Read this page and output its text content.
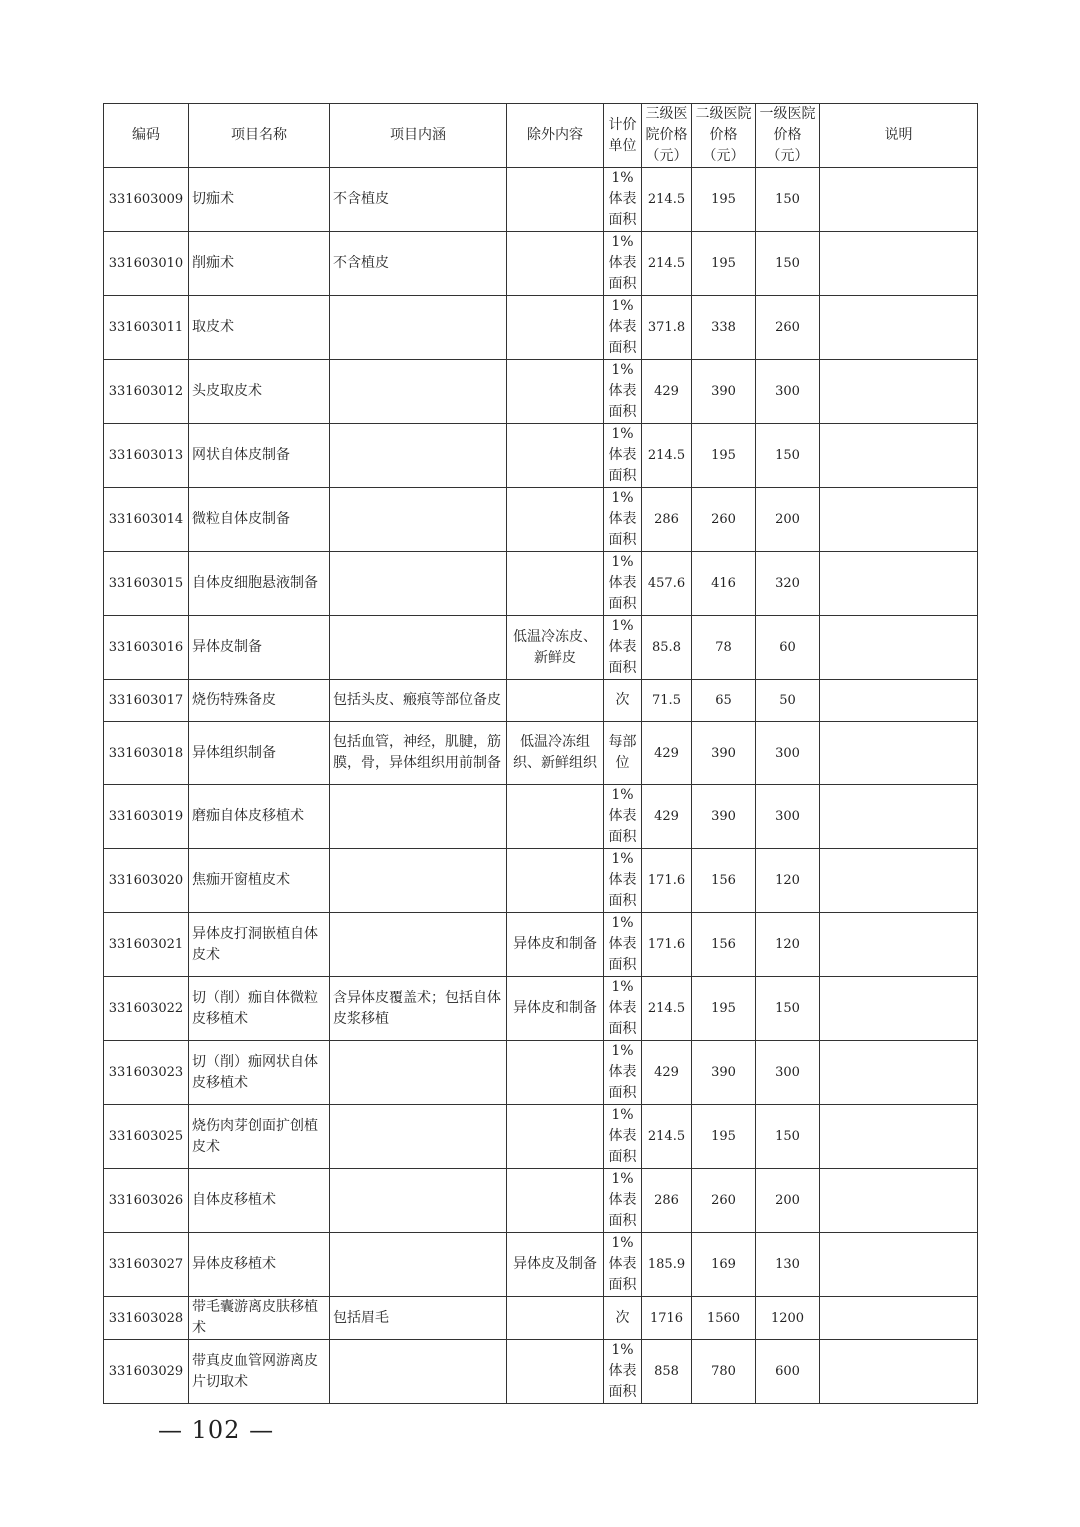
编码	项目名称	项目内涵	除外内容	计价单位	三级医院价格（元）	二级医院价格（元）	一级医院价格（元）	说明
331603009	切痂术	不含植皮		1%体表面积	214.5	195	150	
331603010	削痂术	不含植皮		1%体表面积	214.5	195	150	
331603011	取皮术			1%体表面积	371.8	338	260	
331603012	头皮取皮术			1%体表面积	429	390	300	
331603013	网状自体皮制备			1%体表面积	214.5	195	150	
331603014	微粒自体皮制备			1%体表面积	286	260	200	
331603015	自体皮细胞悬液制备			1%体表面积	457.6	416	320	
331603016	异体皮制备		低温冷冻皮、新鲜皮	1%体表面积	85.8	78	60	
331603017	烧伤特殊备皮	包括头皮、瘢痕等部位备皮		次	71.5	65	50	
331603018	异体组织制备	包括血管，神经，肌腱，筋膜，骨，异体组织用前制备	低温冷冻组织、新鲜组织	每部位	429	390	300	
331603019	磨痂自体皮移植术			1%体表面积	429	390	300	
331603020	焦痂开窗植皮术			1%体表面积	171.6	156	120	
331603021	异体皮打洞嵌植自体皮术		异体皮和制备	1%体表面积	171.6	156	120	
331603022	切（削）痂自体微粒皮移植术	含异体皮覆盖术；包括自体皮浆移植	异体皮和制备	1%体表面积	214.5	195	150	
331603023	切（削）痂网状自体皮移植术			1%体表面积	429	390	300	
331603025	烧伤肉芽创面扩创植皮术			1%体表面积	214.5	195	150	
331603026	自体皮移植术			1%体表面积	286	260	200	
331603027	异体皮移植术		异体皮及制备	1%体表面积	185.9	169	130	
331603028	带毛囊游离皮肤移植术	包括眉毛		次	1716	1560	1200	
331603029	带真皮血管网游离皮片切取术			1%体表面积	858	780	600	
— 102 —
